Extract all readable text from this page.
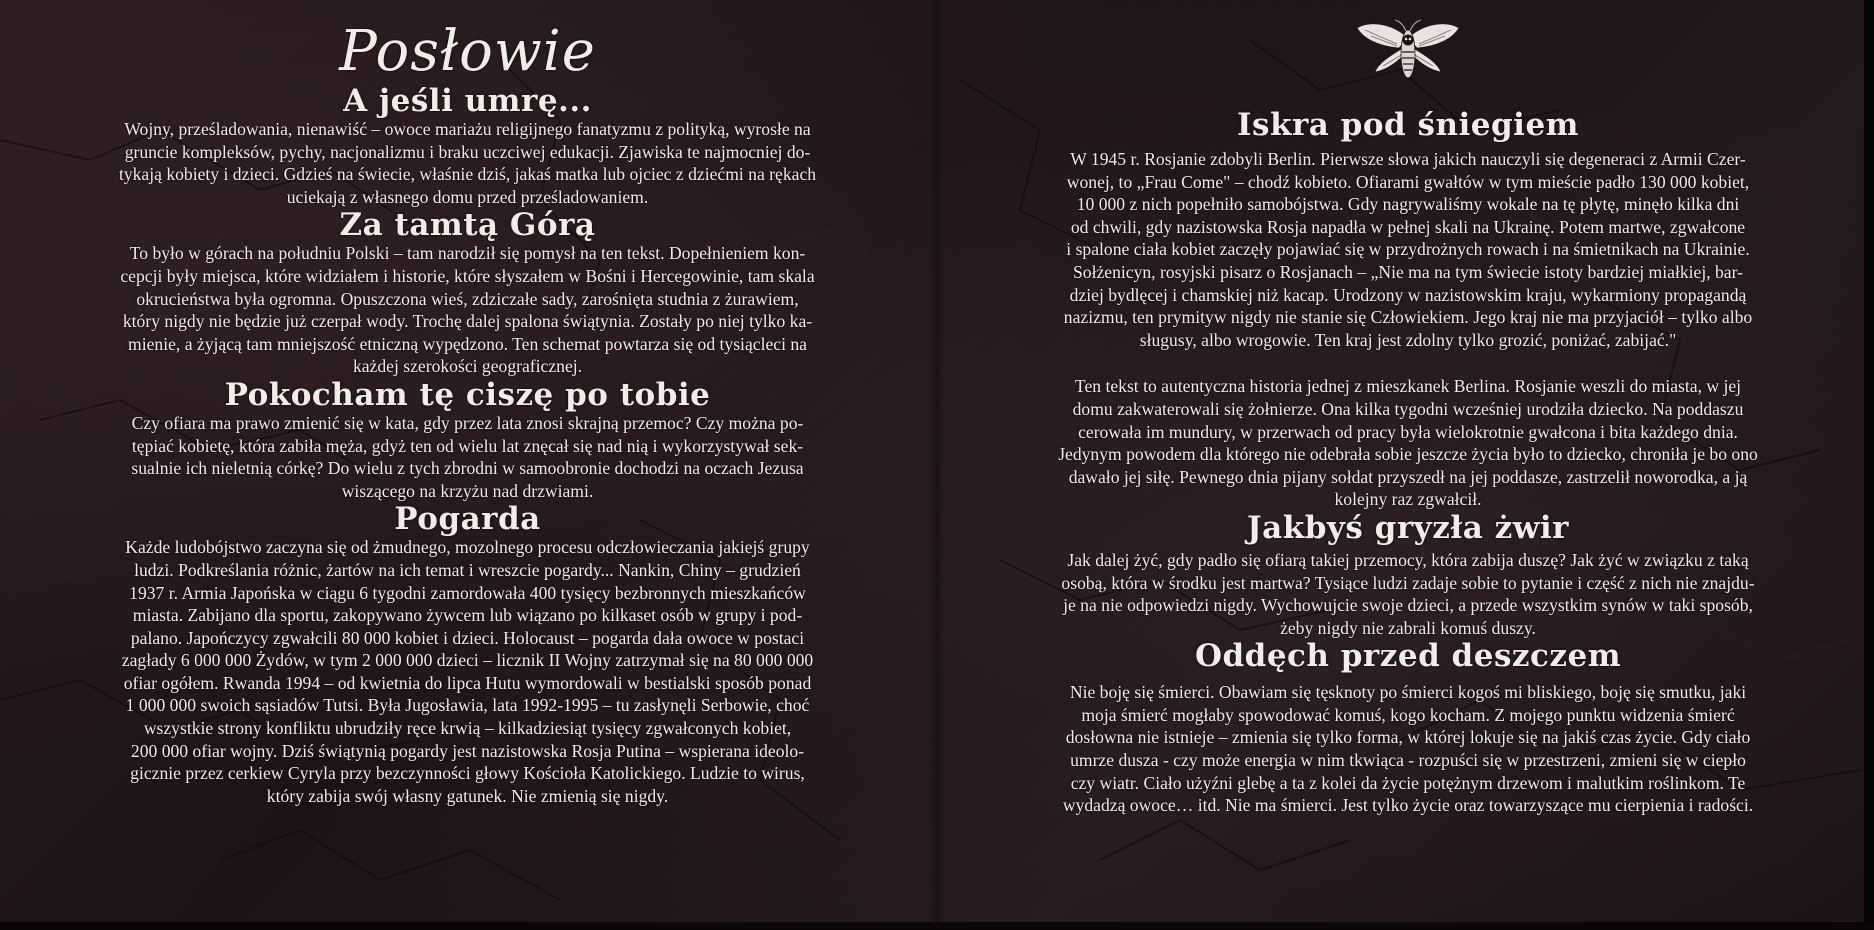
Posłowie
A jeśli umrę...
Wojny, prześladowania, nienawiść – owoce mariażu religijnego fanatyzmu z polityką, wyrosłe na
gruncie kompleksów, pychy, nacjonalizmu i braku uczciwej edukacji. Zjawiska te najmocniej do-
tykają kobiety i dzieci. Gdzieś na świecie, właśnie dziś, jakaś matka lub ojciec z dziećmi na rękach
uciekają z własnego domu przed prześladowaniem.
Za tamtą Górą
To było w górach na południu Polski – tam narodził się pomysł na ten tekst. Dopełnieniem kon-
cepcji były miejsca, które widziałem i historie, które słyszałem w Bośni i Hercegowinie, tam skala
okrucieństwa była ogromna. Opuszczona wieś, zdziczałe sady, zarośnięta studnia z żurawiem,
który nigdy nie będzie już czerpał wody. Trochę dalej spalona świątynia. Zostały po niej tylko ka-
mienie, a żyjącą tam mniejszość etniczną wypędzono. Ten schemat powtarza się od tysiącleci na
każdej szerokości geograficznej.
Pokocham tę ciszę po tobie
Czy ofiara ma prawo zmienić się w kata, gdy przez lata znosi skrajną przemoc? Czy można po-
tępiać kobietę, która zabiła męża, gdyż ten od wielu lat znęcał się nad nią i wykorzystywał sek-
sualnie ich nieletnią córkę? Do wielu z tych zbrodni w samoobronie dochodzi na oczach Jezusa
wiszącego na krzyżu nad drzwiami.
Pogarda
Każde ludobójstwo zaczyna się od żmudnego, mozolnego procesu odczłowieczania jakiejś grupy
ludzi. Podkreślania różnic, żartów na ich temat i wreszcie pogardy... Nankin, Chiny – grudzień
1937 r. Armia Japońska w ciągu 6 tygodni zamordowała 400 tysięcy bezbronnych mieszkańców
miasta. Zabijano dla sportu, zakopywano żywcem lub wiązano po kilkaset osób w grupy i pod-
palano. Japończycy zgwałcili 80 000 kobiet i dzieci. Holocaust – pogarda dała owoce w postaci
zagłady 6 000 000 Żydów, w tym 2 000 000 dzieci – licznik II Wojny zatrzymał się na 80 000 000
ofiar ogółem. Rwanda 1994 – od kwietnia do lipca Hutu wymordowali w bestialski sposób ponad
1 000 000 swoich sąsiadów Tutsi. Była Jugosławia, lata 1992-1995 – tu zasłynęli Serbowie, choć
wszystkie strony konfliktu ubrudziły ręce krwią – kilkadziesiąt tysięcy zgwałconych kobiet,
200 000 ofiar wojny. Dziś świątynią pogardy jest nazistowska Rosja Putina – wspierana ideolo-
gicznie przez cerkiew Cyryla przy bezczynności głowy Kościoła Katolickiego. Ludzie to wirus,
który zabija swój własny gatunek. Nie zmienią się nigdy.
Iskra pod śniegiem
W 1945 r. Rosjanie zdobyli Berlin. Pierwsze słowa jakich nauczyli się degeneraci z Armii Czer-
wonej, to „Frau Come" – chodź kobieto. Ofiarami gwałtów w tym mieście padło 130 000 kobiet,
10 000 z nich popełniło samobójstwa. Gdy nagrywaliśmy wokale na tę płytę, minęło kilka dni
od chwili, gdy nazistowska Rosja napadła w pełnej skali na Ukrainę. Potem martwe, zgwałcone
i spalone ciała kobiet zaczęły pojawiać się w przydrożnych rowach i na śmietnikach na Ukrainie.
Sołżenicyn, rosyjski pisarz o Rosjanach – „Nie ma na tym świecie istoty bardziej miałkiej, bar-
dziej bydlęcej i chamskiej niż kacap. Urodzony w nazistowskim kraju, wykarmiony propagandą
nazizmu, ten prymityw nigdy nie stanie się Człowiekiem. Jego kraj nie ma przyjaciół – tylko albo
sługusy, albo wrogowie. Ten kraj jest zdolny tylko grozić, poniżać, zabijać."
Ten tekst to autentyczna historia jednej z mieszkanek Berlina. Rosjanie weszli do miasta, w jej
domu zakwaterowali się żołnierze. Ona kilka tygodni wcześniej urodziła dziecko. Na poddaszu
cerowała im mundury, w przerwach od pracy była wielokrotnie gwałcona i bita każdego dnia.
Jedynym powodem dla którego nie odebrała sobie jeszcze życia było to dziecko, chroniła je bo ono
dawało jej siłę. Pewnego dnia pijany sołdat przyszedł na jej poddasze, zastrzelił noworodka, a ją
kolejny raz zgwałcił.
Jakbyś gryzła żwir
Jak dalej żyć, gdy padło się ofiarą takiej przemocy, która zabija duszę? Jak żyć w związku z taką
osobą, która w środku jest martwa? Tysiące ludzi zadaje sobie to pytanie i część z nich nie znajdu-
je na nie odpowiedzi nigdy. Wychowujcie swoje dzieci, a przede wszystkim synów w taki sposób,
żeby nigdy nie zabrali komuś duszy.
Oddęch przed deszczem
Nie boję się śmierci. Obawiam się tęsknoty po śmierci kogoś mi bliskiego, boję się smutku, jaki
moja śmierć mogłaby spowodować komuś, kogo kocham. Z mojego punktu widzenia śmierć
dosłowna nie istnieje – zmienia się tylko forma, w której lokuje się na jakiś czas życie. Gdy ciało
umrze dusza - czy może energia w nim tkwiąca - rozpuści się w przestrzeni, zmieni się w ciepło
czy wiatr. Ciało użyźni glebę a ta z kolei da życie potężnym drzewom i malutkim roślinkom. Te
wydadzą owoce… itd. Nie ma śmierci. Jest tylko życie oraz towarzyszące mu cierpienia i radości.
